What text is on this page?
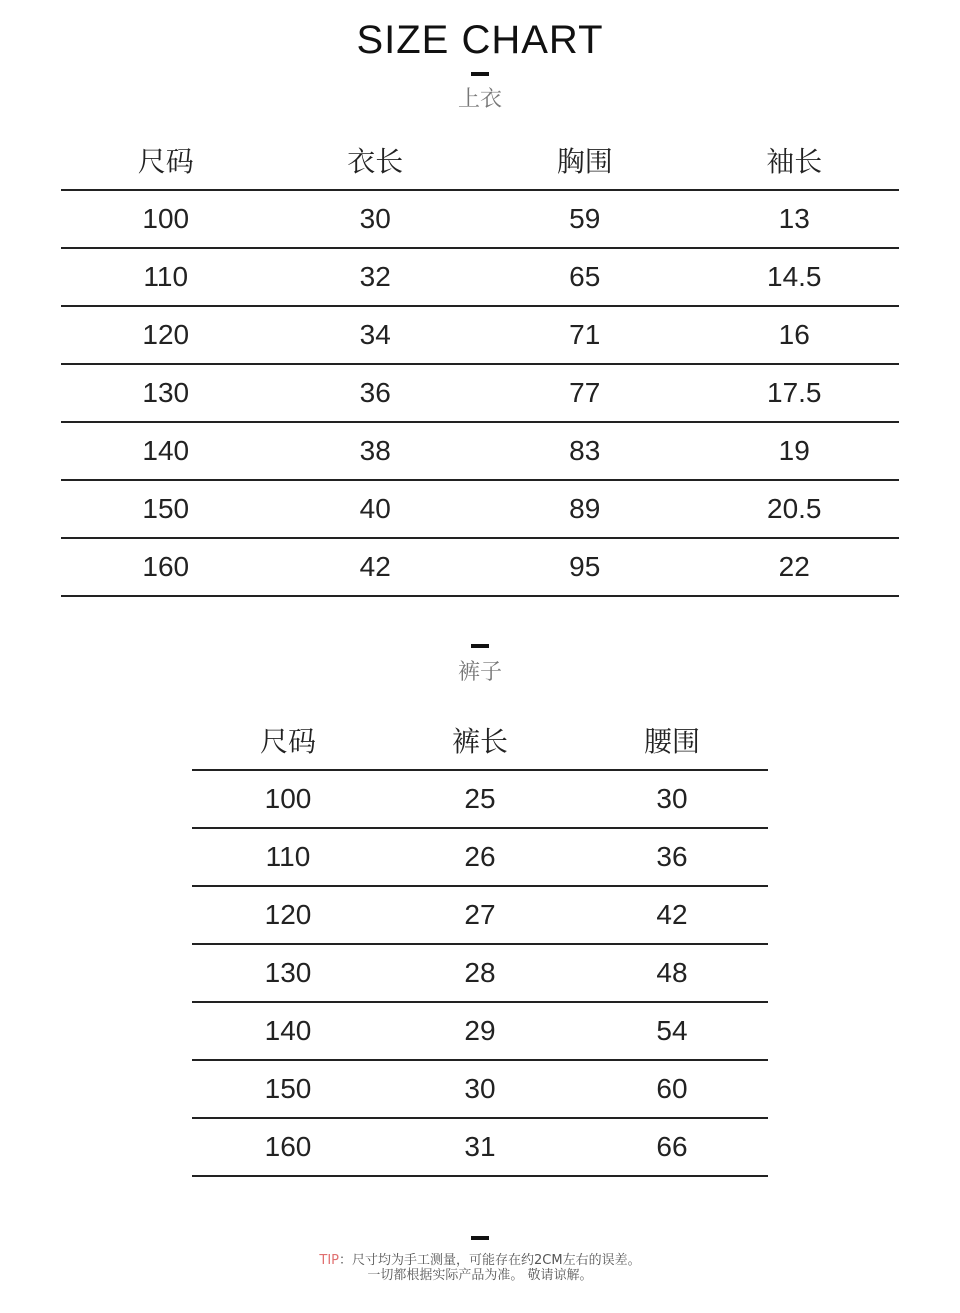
SIZE CHART
上衣
尺码	衣长	胸围	袖长
100	30	59	13
110	32	65	14.5
120	34	71	16
130	36	77	17.5
140	38	83	19
150	40	89	20.5
160	42	95	22
裤子
尺码	裤长	腰围
100	25	30
110	26	36
120	27	42
130	28	48
140	29	54
150	30	60
160	31	66
TIP：尺寸均为手工测量，可能存在约2CM左右的误差。
一切都根据实际产品为准。 敬请谅解。
